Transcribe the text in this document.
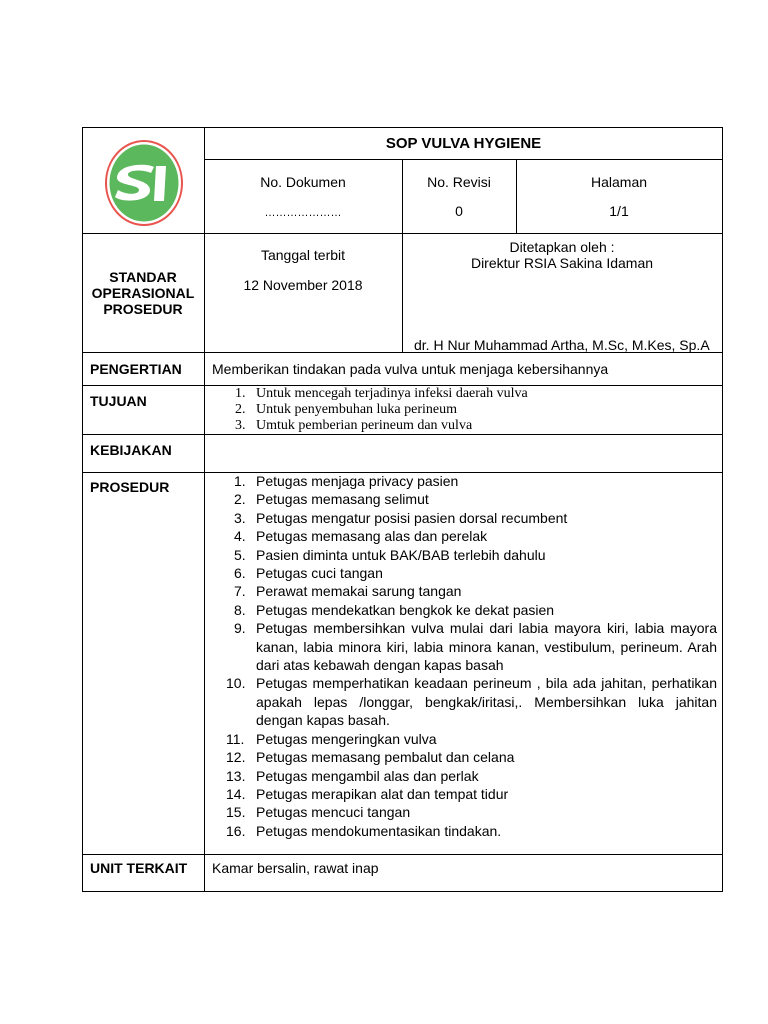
SOP VULVA HYGIENE
No. Dokumen
…………………
No. Revisi
0
Halaman
1/1
STANDAR
OPERASIONAL
PROSEDUR
Tanggal terbit
12 November 2018
Ditetapkan oleh :
Direktur RSIA Sakina Idaman
dr. H Nur Muhammad Artha, M.Sc, M.Kes, Sp.A
PENGERTIAN Memberikan tindakan pada vulva untuk menjaga kebersihannya
TUJUAN	1. Untuk mencegah terjadinya infeksi daerah vulva
2. Untuk penyembuhan luka perineum
3. Umtuk pemberian perineum dan vulva
KEBIJAKAN
PROSEDUR	1. Petugas menjaga privacy pasien
2. Petugas memasang selimut
3. Petugas mengatur posisi pasien dorsal recumbent
4. Petugas memasang alas dan perelak
5. Pasien diminta untuk BAK/BAB terlebih dahulu
6. Petugas cuci tangan
7. Perawat memakai sarung tangan
8. Petugas mendekatkan bengkok ke dekat pasien
9. Petugas membersihkan vulva mulai dari labia mayora kiri, labia mayora kanan, labia minora kiri, labia minora kanan, vestibulum, perineum. Arah dari atas kebawah dengan kapas basah
10. Petugas memperhatikan keadaan perineum , bila ada jahitan, perhatikan apakah lepas /longgar, bengkak/iritasi,. Membersihkan luka jahitan dengan kapas basah.
11. Petugas mengeringkan vulva
12. Petugas memasang pembalut dan celana
13. Petugas mengambil alas dan perlak
14. Petugas merapikan alat dan tempat tidur
15. Petugas mencuci tangan
16. Petugas mendokumentasikan tindakan.
UNIT TERKAIT Kamar bersalin, rawat inap
